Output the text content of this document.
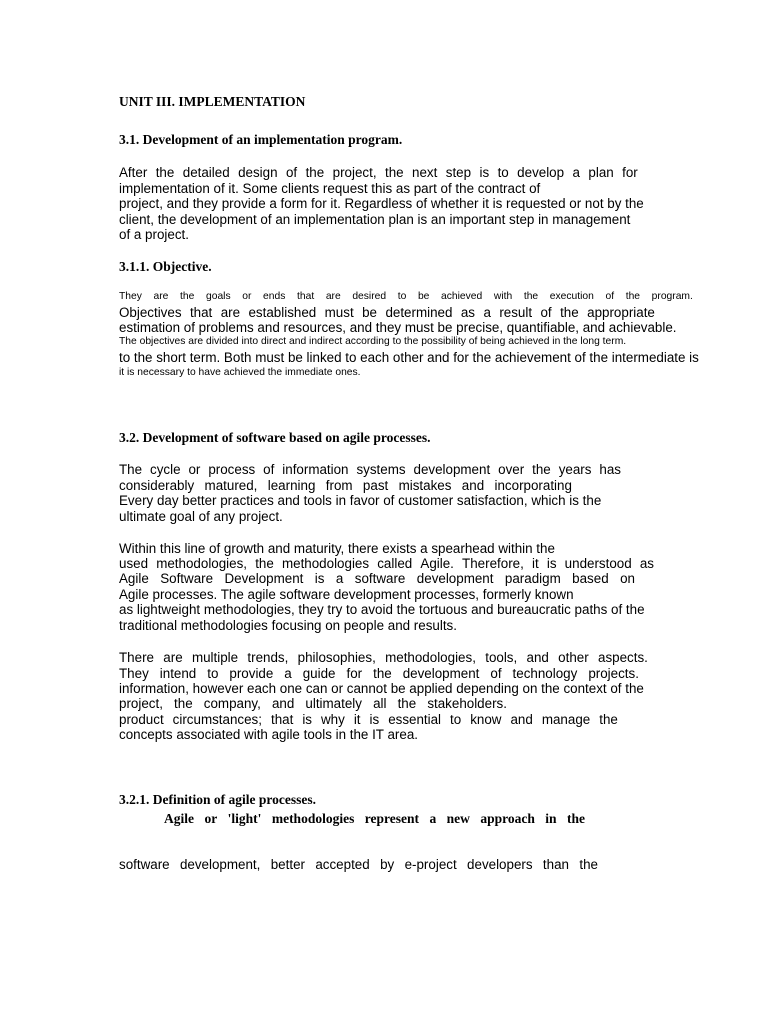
UNIT III. IMPLEMENTATION
3.1. Development of an implementation program.
After the detailed design of the project, the next step is to develop a plan for
implementation of it. Some clients request this as part of the contract of
project, and they provide a form for it. Regardless of whether it is requested or not by the
client, the development of an implementation plan is an important step in management
of a project.
3.1.1. Objective.
They are the goals or ends that are desired to be achieved with the execution of the program.
Objectives that are established must be determined as a result of the appropriate
estimation of problems and resources, and they must be precise, quantifiable, and achievable.
The objectives are divided into direct and indirect according to the possibility of being achieved in the long term.
to the short term. Both must be linked to each other and for the achievement of the intermediate is
it is necessary to have achieved the immediate ones.
3.2. Development of software based on agile processes.
The cycle or process of information systems development over the years has
considerably matured, learning from past mistakes and incorporating
Every day better practices and tools in favor of customer satisfaction, which is the
ultimate goal of any project.
Within this line of growth and maturity, there exists a spearhead within the
used methodologies, the methodologies called Agile. Therefore, it is understood as
Agile Software Development is a software development paradigm based on
Agile processes. The agile software development processes, formerly known
as lightweight methodologies, they try to avoid the tortuous and bureaucratic paths of the
traditional methodologies focusing on people and results.
There are multiple trends, philosophies, methodologies, tools, and other aspects.
They intend to provide a guide for the development of technology projects.
information, however each one can or cannot be applied depending on the context of the
project, the company, and ultimately all the stakeholders.
product circumstances; that is why it is essential to know and manage the
concepts associated with agile tools in the IT area.
3.2.1. Definition of agile processes.
Agile or 'light' methodologies represent a new approach in the
software development, better accepted by e-project developers than the
